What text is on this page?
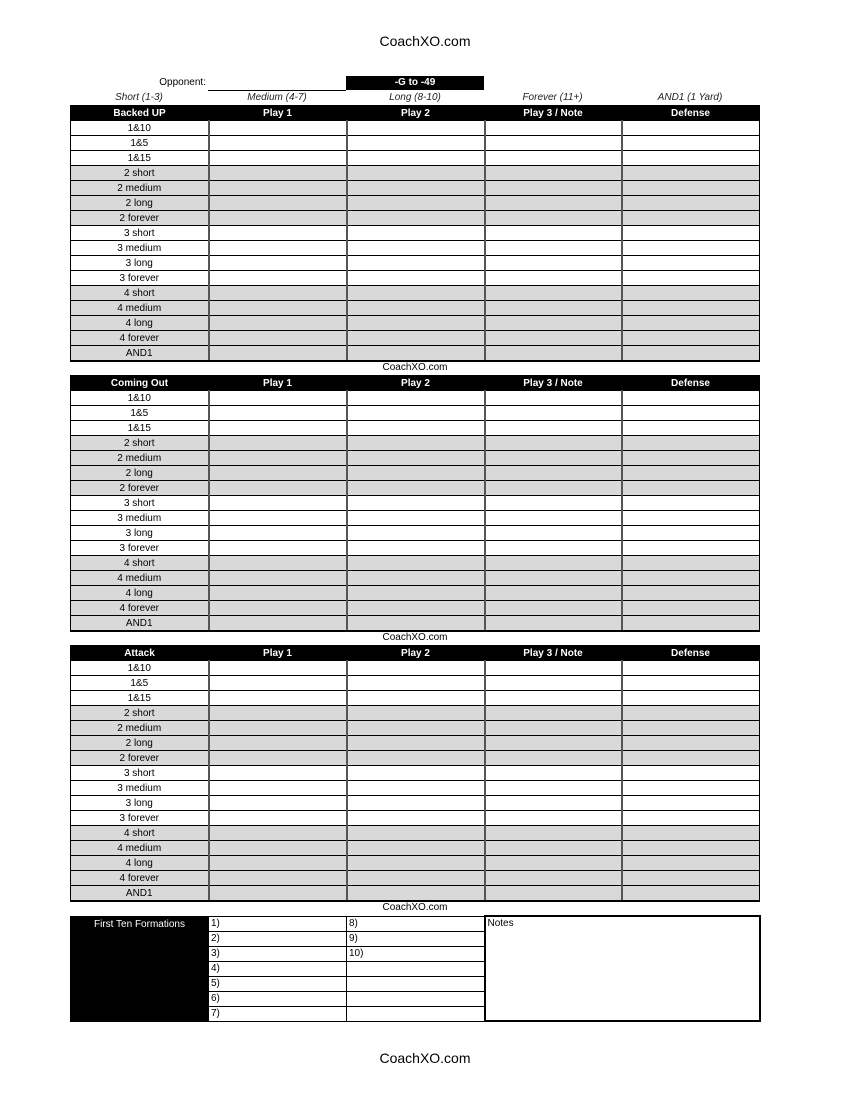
CoachXO.com
Opponent:	-G to -49
Short (1-3)	Medium (4-7)	Long (8-10)	Forever (11+)	AND1 (1 Yard)
Backed UP	Play 1	Play 2	Play 3 / Note	Defense
1&10				
1&5				
1&15				
2 short				
2 medium				
2 long				
2 forever				
3 short				
3 medium				
3 long				
3 forever				
4 short				
4 medium				
4 long				
4 forever				
AND1				
CoachXO.com
Coming Out	Play 1	Play 2	Play 3 / Note	Defense
1&10				
1&5				
1&15				
2 short				
2 medium				
2 long				
2 forever				
3 short				
3 medium				
3 long				
3 forever				
4 short				
4 medium				
4 long				
4 forever				
AND1				
CoachXO.com
Attack	Play 1	Play 2	Play 3 / Note	Defense
1&10				
1&5				
1&15				
2 short				
2 medium				
2 long				
2 forever				
3 short				
3 medium				
3 long				
3 forever				
4 short				
4 medium				
4 long				
4 forever				
AND1				
CoachXO.com
First Ten Formations	1)	8)	Notes
	2)	9)	
	3)	10)	
	4)		
	5)		
	6)		
	7)		
CoachXO.com
